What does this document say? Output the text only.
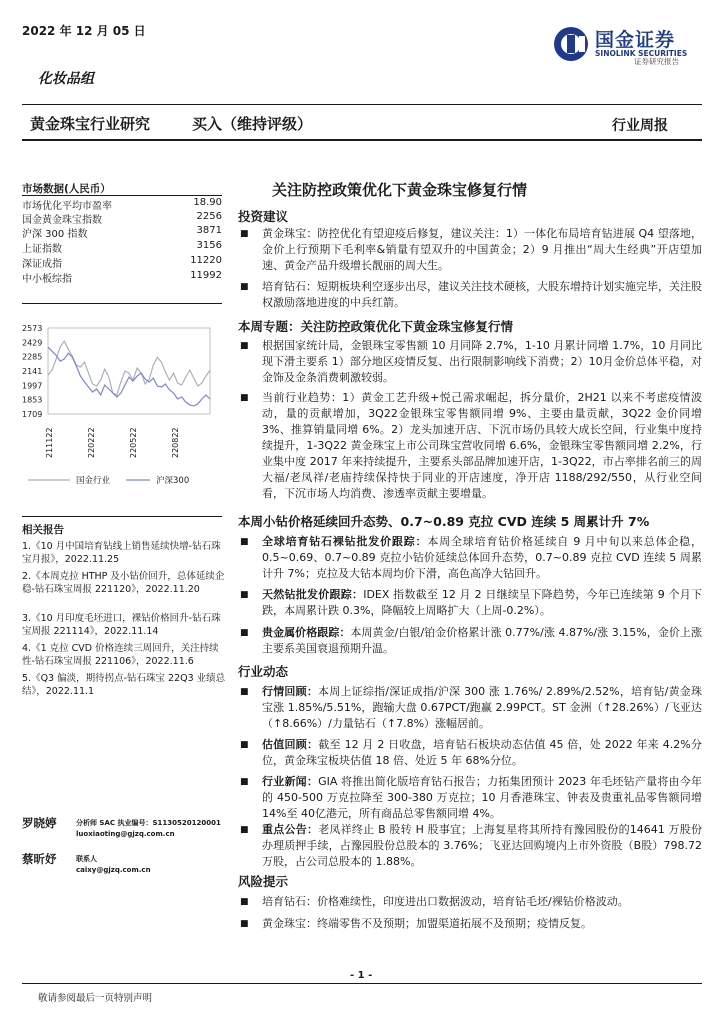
2022 年 12 月 05 日	国金证券
SINOLINK SECURITIES
证券研究报告
化妆品组
黄金珠宝行业研究	买入（维持评级）	行业周报
市场数据(人民币）
市场优化平均市盈率	18.90
国金黄金珠宝指数	2256
沪深 300 指数	3871
上证指数	3156
深证成指	11220
中小板综指	11992
2573
2429
2285
2141
1997
1853
1709
211122	220222	220522	220822
国金行业	沪深300
相关报告
1.《10 月中国培育钻线上销售延续快增-钻石珠宝月报》，2022.11.25
2.《本周克拉 HTHP 及小钻价回升，总体延续企稳-钻石珠宝周报 221120》，2022.11.20
3.《10 月印度毛坯进口，裸钻价格回升-钻石珠宝周报 221114》，2022.11.14
4.《1 克拉 CVD 价格连续三周回升，关注持续性-钻石珠宝周报 221106》，2022.11.6
5.《Q3 偏淡，期待拐点-钻石珠宝 22Q3 业绩总结》，2022.11.1
罗晓婷	分析师 SAC 执业编号：S1130520120001
luoxiaoting@gjzq.com.cn
蔡昕妤	联系人
caixy@gjzq.com.cn
关注防控政策优化下黄金珠宝修复行情
投资建议
■ 黄金珠宝：防控优化有望迎疫后修复，建议关注：1）一体化布局培育钻进展 Q4 望落地，金价上行预期下毛利率&销量有望双升的中国黄金；2）9 月推出“周大生经典”开店望加速、黄金产品升级增长靓丽的周大生。
■ 培育钻石：短期板块利空逐步出尽，建议关注技术硬核，大股东增持计划实施完毕，关注股权激励落地进度的中兵红箭。
本周专题：关注防控政策优化下黄金珠宝修复行情
■ 根据国家统计局，金银珠宝零售额 10 月同降 2.7%，1-10 月累计同增 1.7%，10 月同比现下滑主要系 1）部分地区疫情反复、出行限制影响线下消费；2）10月金价总体平稳，对金饰及金条消费刺激较弱。
■ 当前行业趋势：1）黄金工艺升级+悦己需求崛起，拆分量价，2H21 以来不考虑疫情波动，量的贡献增加，3Q22金银珠宝零售额同增 9%、主要由量贡献，3Q22 金价同增 3%、推算销量同增 6%。2）龙头加速开店、下沉市场仍具较大成长空间，行业集中度持续提升，1-3Q22 黄金珠宝上市公司珠宝营收同增 6.6%，金银珠宝零售额同增 2.2%，行业集中度 2017 年来持续提升，主要系头部品牌加速开店，1-3Q22，市占率排名前三的周大福/老凤祥/老庙持续保持快于同业的开店速度，净开店 1188/292/550，从行业空间看，下沉市场人均消费、渗透率贡献主要增量。
本周小钻价格延续回升态势、0.7~0.89 克拉 CVD 连续 5 周累计升 7%
■ 全球培育钻石裸钻批发价跟踪：本周全球培育钻价格延续自 9 月中旬以来总体企稳，0.5~0.69、0.7~0.89 克拉小钻价延续总体回升态势，0.7~0.89 克拉 CVD 连续 5 周累计升 7%；克拉及大钻本周均价下滑，高色高净大钻回升。
■ 天然钻批发价跟踪：IDEX 指数截至 12 月 2 日继续呈下降趋势，今年已连续第 9 个月下跌，本周累计跌 0.3%，降幅较上周略扩大（上周-0.2%）。
■ 贵金属价格跟踪：本周黄金/白银/铂金价格累计涨 0.77%/涨 4.87%/涨 3.15%，金价上涨主要系美国衰退预期升温。
行业动态
■ 行情回顾：本周上证综指/深证成指/沪深 300 涨 1.76%/ 2.89%/2.52%，培育钻/黄金珠宝涨 1.85%/5.51%，跑输大盘 0.67PCT/跑赢 2.99PCT。ST 金洲（↑28.26%）/飞亚达（↑8.66%）/力量钻石（↑7.8%）涨幅居前。
■ 估值回顾：截至 12 月 2 日收盘，培育钻石板块动态估值 45 倍，处 2022 年来 4.2%分位，黄金珠宝板块估值 18 倍、处近 5 年 68%分位。
■ 行业新闻：GIA 将推出简化版培育钻石报告；力拓集团预计 2023 年毛坯钻产量将由今年的 450-500 万克拉降至 300-380 万克拉；10 月香港珠宝、钟表及贵重礼品零售额同增 14%至 40亿港元，所有商品总零售额同增 4%。
■ 重点公告：老凤祥终止 B 股转 H 股事宜；上海复星将其所持有豫园股份的14641 万股份办理质押手续，占豫园股份总股本的 3.76%；飞亚达回购境内上市外资股（B股）798.72 万股，占公司总股本的 1.88%。
风险提示
■ 培育钻石：价格难续性，印度进出口数据波动，培育钻毛坯/裸钻价格波动。
■ 黄金珠宝：终端零售不及预期；加盟渠道拓展不及预期；疫情反复。
- 1 -
敬请参阅最后一页特别声明
